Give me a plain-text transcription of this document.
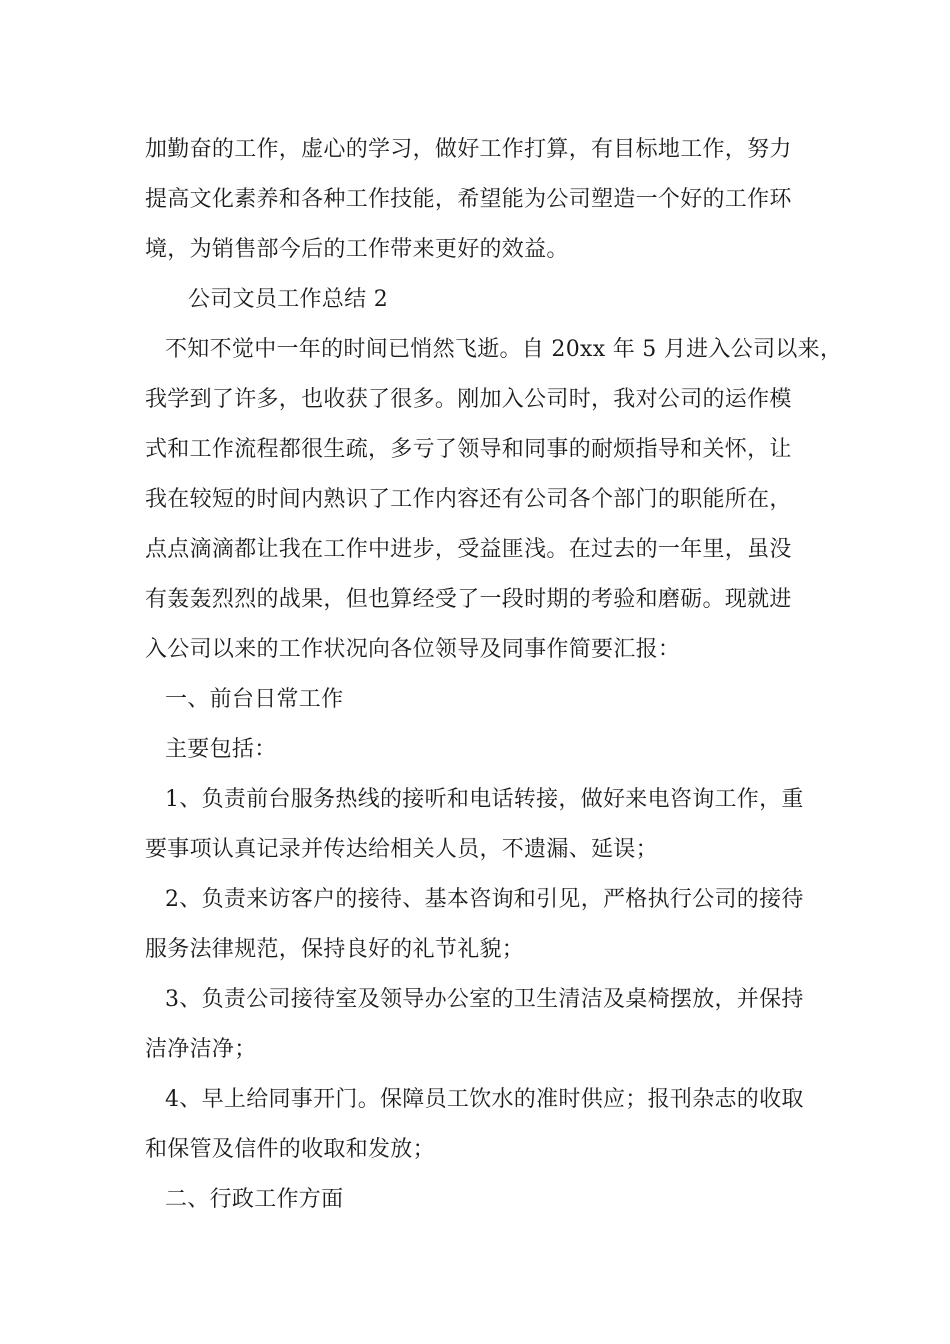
加勤奋的工作，虚心的学习，做好工作打算，有目标地工作，努力
提高文化素养和各种工作技能，希望能为公司塑造一个好的工作环
境，为销售部今后的工作带来更好的效益。
公司文员工作总结 2
不知不觉中一年的时间已悄然飞逝。自 20xx 年 5 月进入公司以来，
我学到了许多，也收获了很多。刚加入公司时，我对公司的运作模
式和工作流程都很生疏，多亏了领导和同事的耐烦指导和关怀，让
我在较短的时间内熟识了工作内容还有公司各个部门的职能所在，
点点滴滴都让我在工作中进步，受益匪浅。在过去的一年里，虽没
有轰轰烈烈的战果，但也算经受了一段时期的考验和磨砺。现就进
入公司以来的工作状况向各位领导及同事作简要汇报：
一、前台日常工作
主要包括：
1、负责前台服务热线的接听和电话转接，做好来电咨询工作，重
要事项认真记录并传达给相关人员，不遗漏、延误；
2、负责来访客户的接待、基本咨询和引见，严格执行公司的接待
服务法律规范，保持良好的礼节礼貌；
3、负责公司接待室及领导办公室的卫生清洁及桌椅摆放，并保持
洁净洁净；
4、早上给同事开门。保障员工饮水的准时供应；报刊杂志的收取
和保管及信件的收取和发放；
二、行政工作方面
